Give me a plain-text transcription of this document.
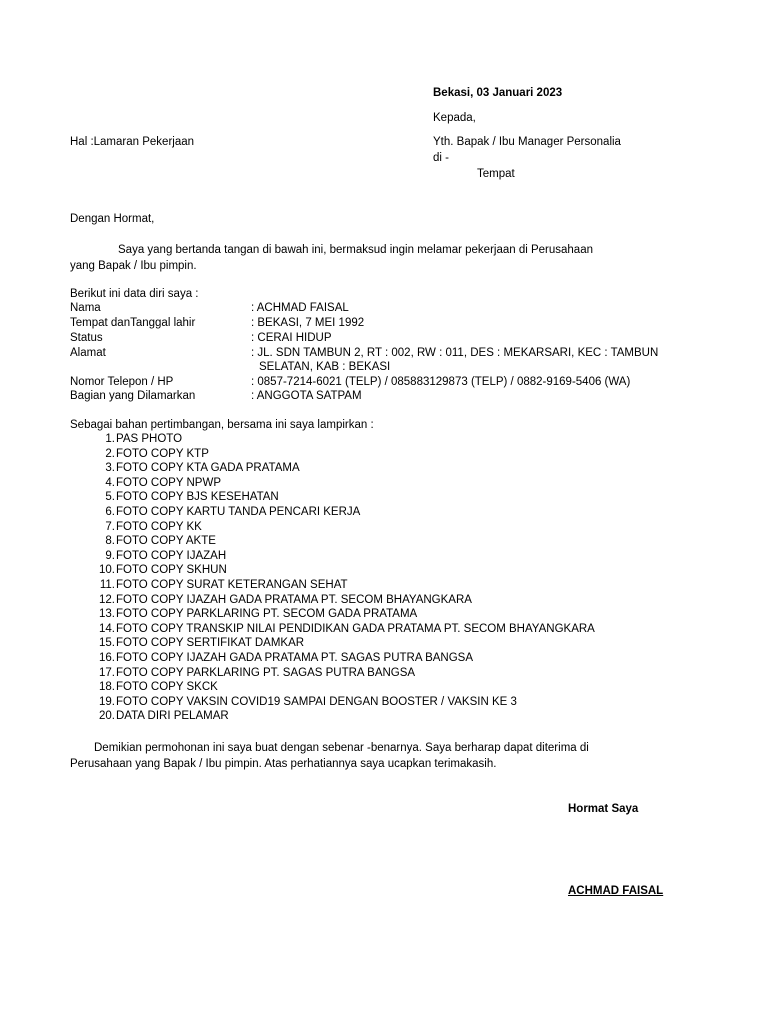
Bekasi, 03 Januari 2023
Kepada,
Hal :Lamaran Pekerjaan	Yth. Bapak / Ibu Manager Personalia
di -
Tempat
Dengan Hormat,
Saya yang bertanda tangan di bawah ini, bermaksud ingin melamar pekerjaan di Perusahaan
yang Bapak / Ibu pimpin.
Berikut ini data diri saya :
Nama	: ACHMAD FAISAL
Tempat danTanggal lahir	: BEKASI, 7 MEI 1992
Status	: CERAI HIDUP
Alamat	: JL. SDN TAMBUN 2, RT : 002, RW : 011, DES : MEKARSARI, KEC : TAMBUN
SELATAN, KAB : BEKASI
Nomor Telepon / HP	: 0857-7214-6021 (TELP) / 085883129873 (TELP) / 0882-9169-5406 (WA)
Bagian yang Dilamarkan	: ANGGOTA SATPAM
Sebagai bahan pertimbangan, bersama ini saya lampirkan :
1. PAS PHOTO
2. FOTO COPY KTP
3. FOTO COPY KTA GADA PRATAMA
4. FOTO COPY NPWP
5. FOTO COPY BJS KESEHATAN
6. FOTO COPY KARTU TANDA PENCARI KERJA
7. FOTO COPY KK
8. FOTO COPY AKTE
9. FOTO COPY IJAZAH
10. FOTO COPY SKHUN
11. FOTO COPY SURAT KETERANGAN SEHAT
12. FOTO COPY IJAZAH GADA PRATAMA PT. SECOM BHAYANGKARA
13. FOTO COPY PARKLARING PT. SECOM GADA PRATAMA
14. FOTO COPY TRANSKIP NILAI PENDIDIKAN GADA PRATAMA PT. SECOM BHAYANGKARA
15. FOTO COPY SERTIFIKAT DAMKAR
16. FOTO COPY IJAZAH GADA PRATAMA PT. SAGAS PUTRA BANGSA
17. FOTO COPY PARKLARING PT. SAGAS PUTRA BANGSA
18. FOTO COPY SKCK
19. FOTO COPY VAKSIN COVID19 SAMPAI DENGAN BOOSTER / VAKSIN KE 3
20. DATA DIRI PELAMAR
Demikian permohonan ini saya buat dengan sebenar -benarnya. Saya berharap dapat diterima di
Perusahaan yang Bapak / Ibu pimpin. Atas perhatiannya saya ucapkan terimakasih.
Hormat Saya
ACHMAD FAISAL
